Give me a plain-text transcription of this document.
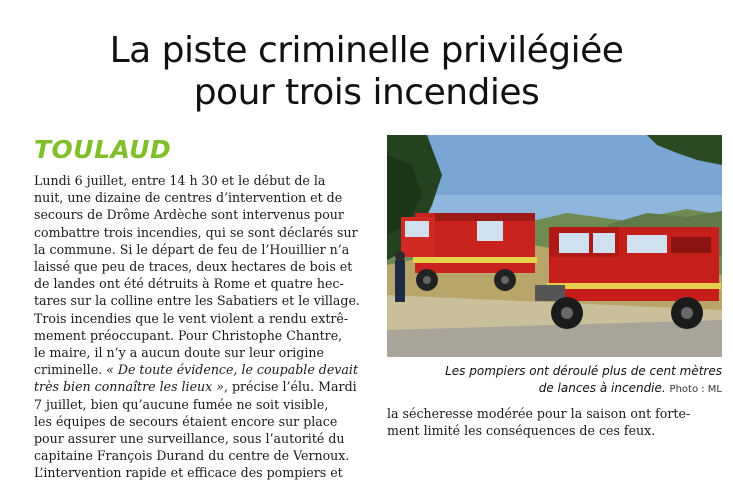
La piste criminelle privilégiée
pour trois incendies
TOULAUD

Lundi 6 juillet, entre 14 h 30 et le début de la
nuit, une dizaine de centres d’intervention et de
secours de Drôme Ardèche sont intervenus pour
combattre trois incendies, qui se sont déclarés sur
la commune. Si le départ de feu de l’Houillier n’a
laissé que peu de traces, deux hectares de bois et
de landes ont été détruits à Rome et quatre hec-
tares sur la colline entre les Sabatiers et le village.
Trois incendies que le vent violent a rendu extrê-
mement préoccupant. Pour Christophe Chantre,
le maire, il n’y a aucun doute sur leur origine
criminelle. « De toute évidence, le coupable devait
très bien connaître les lieux », précise l’élu. Mardi
7 juillet, bien qu’aucune fumée ne soit visible,
les équipes de secours étaient encore sur place
pour assurer une surveillance, sous l’autorité du
capitaine François Durand du centre de Vernoux.
L’intervention rapide et efficace des pompiers et

Les pompiers ont déroulé plus de cent mètres
de lances à incendie. Photo : ML
la sécheresse modérée pour la saison ont forte-
ment limité les conséquences de ces feux.
